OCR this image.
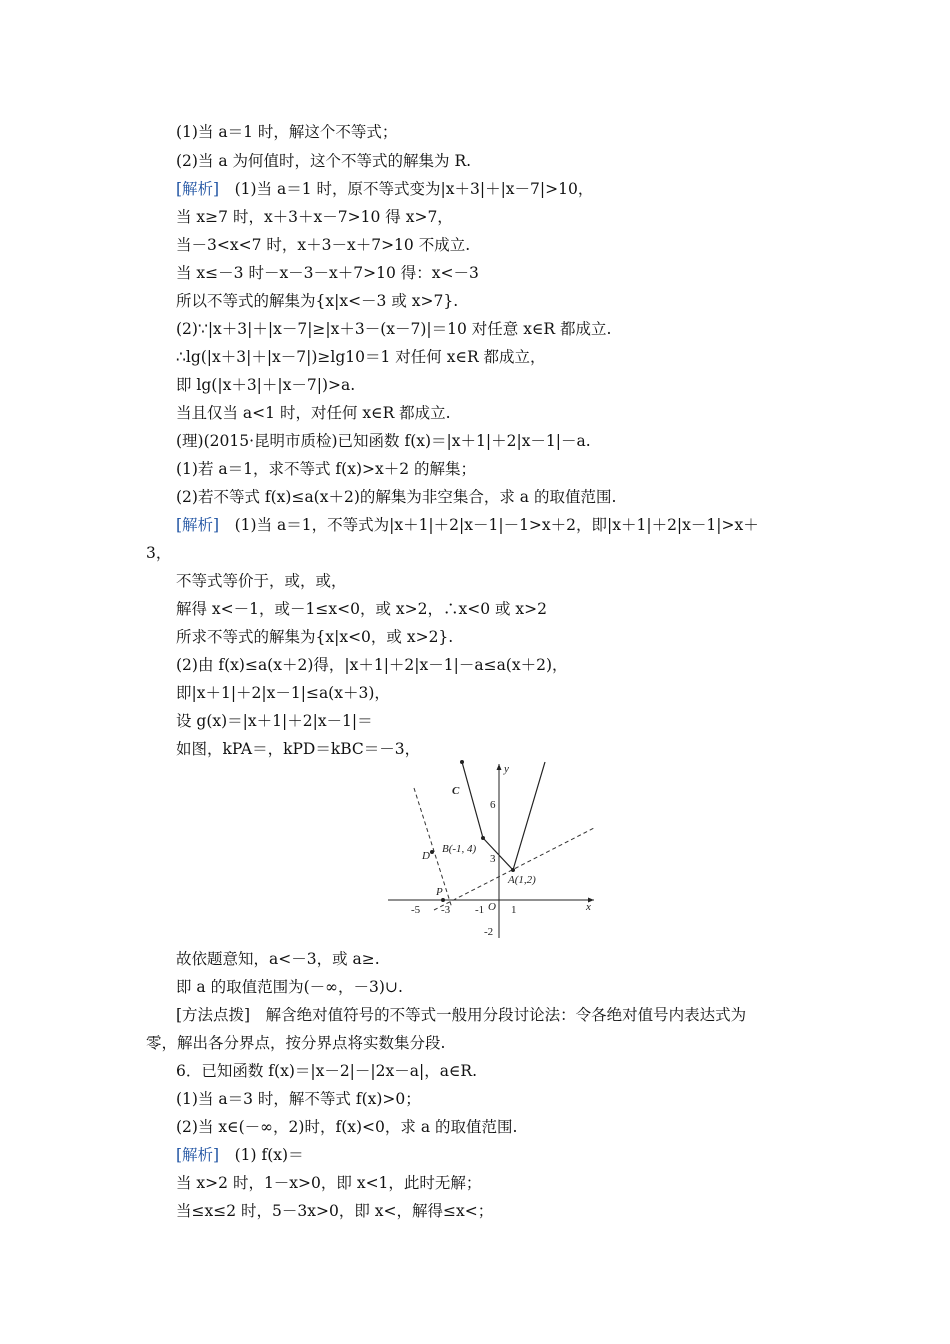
(1)当 a＝1 时，解这个不等式；
(2)当 a 为何值时，这个不等式的解集为 R.
[解析]　 (1)当 a＝1 时，原不等式变为|x＋3|＋|x－7|>10，
当 x≥7 时，x＋3＋x－7>10 得 x>7，
当－3<x<7 时，x＋3－x＋7>10 不成立.
当 x≤－3 时－x－3－x＋7>10 得：x<－3
所以不等式的解集为{x|x<－3 或 x>7}.
(2)∵|x＋3|＋|x－7|≥|x＋3－(x－7)|＝10 对任意 x∈R 都成立.
∴lg(|x＋3|＋|x－7|)≥lg10＝1 对任何 x∈R 都成立，
即 lg(|x＋3|＋|x－7|)>a.
当且仅当 a<1 时，对任何 x∈R 都成立.
(理)(2015·昆明市质检)已知函数 f(x)＝|x＋1|＋2|x－1|－a.
(1)若 a＝1，求不等式 f(x)>x＋2 的解集；
(2)若不等式 f(x)≤a(x＋2)的解集为非空集合，求 a 的取值范围.
[解析]　 (1)当 a＝1，不等式为|x＋1|＋2|x－1|－1>x＋2，即|x＋1|＋2|x－1|>x＋
3，
不等式等价于，或，或，
解得 x<－1，或－1≤x<0，或 x>2，∴x<0 或 x>2
所求不等式的解集为{x|x<0，或 x>2}.
(2)由 f(x)≤a(x＋2)得，|x＋1|＋2|x－1|－a≤a(x＋2)，
即|x＋1|＋2|x－1|≤a(x＋3)，
设 g(x)＝|x＋1|＋2|x－1|＝
如图，kPA＝，kPD＝kBC＝－3，
y
x
O
C
B(-1, 4)
A(1,2)
D
P
6
3
-2
1
-1
-3
-5
故依题意知，a<－3，或 a≥.
即 a 的取值范围为(－∞，－3)∪.
[方法点拨]　 解含绝对值符号的不等式一般用分段讨论法：令各绝对值号内表达式为
零，解出各分界点，按分界点将实数集分段.
6．已知函数 f(x)＝|x－2|－|2x－a|，a∈R.
(1)当 a＝3 时，解不等式 f(x)>0；
(2)当 x∈(－∞，2)时，f(x)<0，求 a 的取值范围.
[解析]　 (1) f(x)＝
当 x>2 时，1－x>0，即 x<1，此时无解；
当≤x≤2 时，5－3x>0，即 x<，解得≤x<；
